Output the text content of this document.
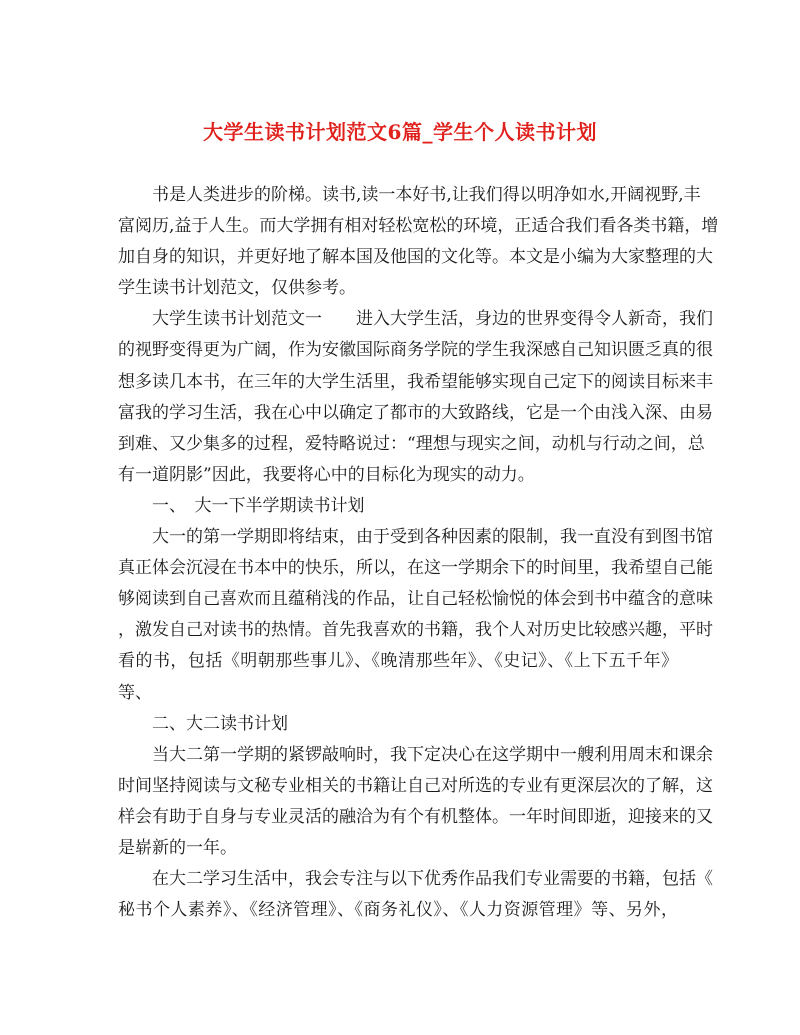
大学生读书计划范文6篇_学生个人读书计划
书是人类进步的阶梯。读书,读一本好书,让我们得以明净如水,开阔视野,丰
富阅历,益于人生。而大学拥有相对轻松宽松的环境，正适合我们看各类书籍，增
加自身的知识，并更好地了解本国及他国的文化等。本文是小编为大家整理的大
学生读书计划范文，仅供参考。
大学生读书计划范文一　　进入大学生活，身边的世界变得令人新奇，我们
的视野变得更为广阔，作为安徽国际商务学院的学生我深感自己知识匮乏真的很
想多读几本书，在三年的大学生活里，我希望能够实现自己定下的阅读目标来丰
富我的学习生活，我在心中以确定了都市的大致路线，它是一个由浅入深、由易
到难、又少集多的过程，爱特略说过：“理想与现实之间，动机与行动之间，总
有一道阴影”因此，我要将心中的目标化为现实的动力。
一、　大一下半学期读书计划
大一的第一学期即将结束，由于受到各种因素的限制，我一直没有到图书馆
真正体会沉浸在书本中的快乐，所以，在这一学期余下的时间里，我希望自己能
够阅读到自己喜欢而且蕴稍浅的作品，让自己轻松愉悦的体会到书中蕴含的意味
，激发自己对读书的热情。首先我喜欢的书籍，我个人对历史比较感兴趣，平时
看的书，包括《明朝那些事儿》、《晚清那些年》、《史记》、《上下五千年》
等、
二、大二读书计划
当大二第一学期的紧锣敲响时，我下定决心在这学期中一艘利用周末和课余
时间坚持阅读与文秘专业相关的书籍让自己对所选的专业有更深层次的了解，这
样会有助于自身与专业灵活的融洽为有个有机整体。一年时间即逝，迎接来的又
是崭新的一年。
在大二学习生活中，我会专注与以下优秀作品我们专业需要的书籍，包括《
秘书个人素养》、《经济管理》、《商务礼仪》、《人力资源管理》等、另外，
